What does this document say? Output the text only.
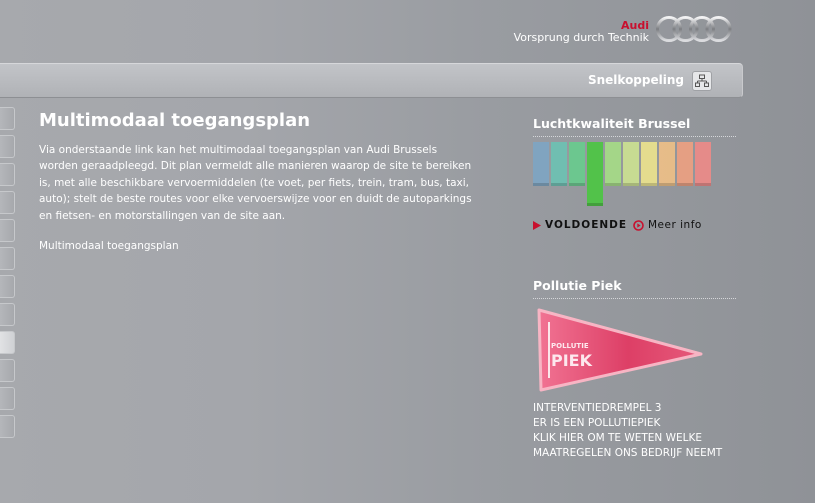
Audi
Vorsprung durch Technik
Snelkoppeling
Multimodaal toegangsplan

Via onderstaande link kan het multimodaal toegangsplan van Audi Brussels worden geraadpleegd. Dit plan vermeldt alle manieren waarop de site te bereiken is, met alle beschikbare vervoermiddelen (te voet, per fiets, trein, tram, bus, taxi, auto); stelt de beste routes voor elke vervoerswijze voor en duidt de autoparkings en fietsen- en motorstallingen van de site aan.

Multimodaal toegangsplan
Luchtkwaliteit Brussel
VOLDOENDE	Meer info
Pollutie Piek
POLLUTIE
PIEK
INTERVENTIEDREMPEL 3
ER IS EEN POLLUTIEPIEK
KLIK HIER OM TE WETEN WELKE
MAATREGELEN ONS BEDRIJF NEEMT
